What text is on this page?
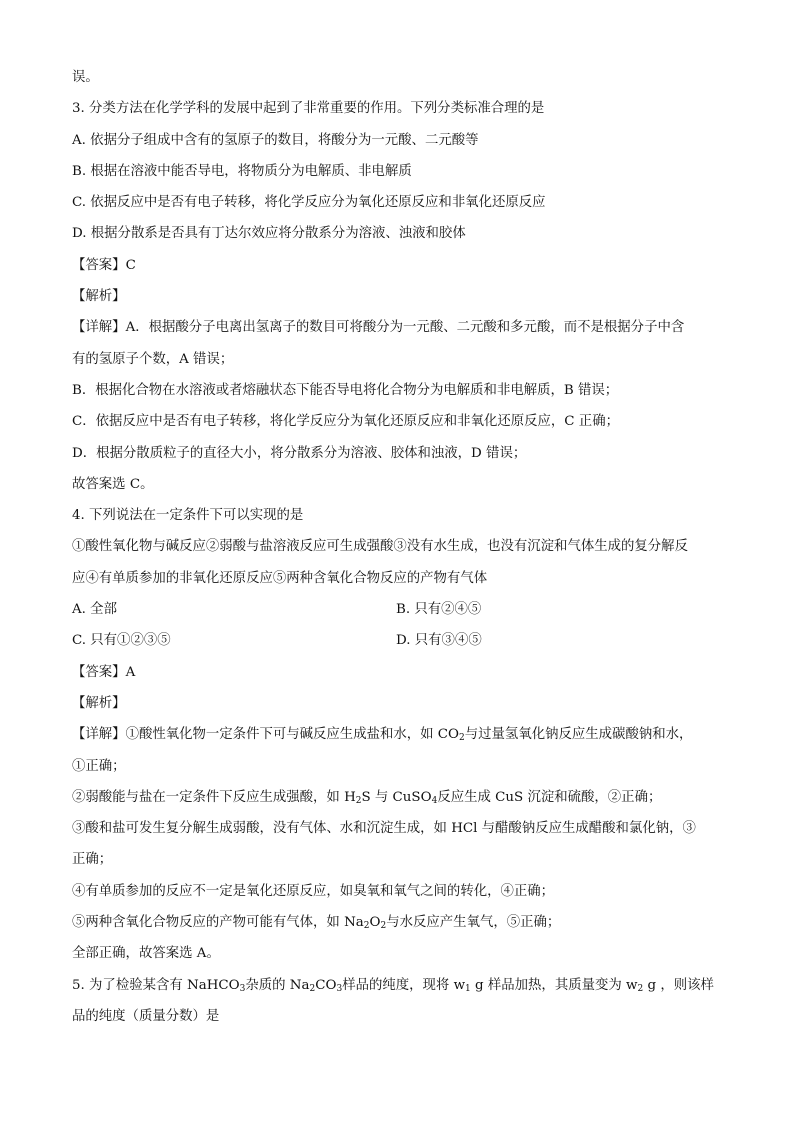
误。
3. 分类方法在化学学科的发展中起到了非常重要的作用。下列分类标准合理的是
A. 依据分子组成中含有的氢原子的数目，将酸分为一元酸、二元酸等
B. 根据在溶液中能否导电，将物质分为电解质、非电解质
C. 依据反应中是否有电子转移，将化学反应分为氧化还原反应和非氧化还原反应
D. 根据分散系是否具有丁达尔效应将分散系分为溶液、浊液和胶体
【答案】C
【解析】
【详解】A．根据酸分子电离出氢离子的数目可将酸分为一元酸、二元酸和多元酸，而不是根据分子中含
有的氢原子个数，A 错误；
B．根据化合物在水溶液或者熔融状态下能否导电将化合物分为电解质和非电解质，B 错误；
C．依据反应中是否有电子转移，将化学反应分为氧化还原反应和非氧化还原反应，C 正确；
D．根据分散质粒子的直径大小，将分散系分为溶液、胶体和浊液，D 错误；
故答案选 C。
4. 下列说法在一定条件下可以实现的是
①酸性氧化物与碱反应②弱酸与盐溶液反应可生成强酸③没有水生成，也没有沉淀和气体生成的复分解反
应④有单质参加的非氧化还原反应⑤两种含氧化合物反应的产物有气体
A. 全部	B. 只有②④⑤
C. 只有①②③⑤	D. 只有③④⑤
【答案】A
【解析】
【详解】①酸性氧化物一定条件下可与碱反应生成盐和水，如 $CO_2$与过量氢氧化钠反应生成碳酸钠和水，
①正确；
②弱酸能与盐在一定条件下反应生成强酸，如 $H_2S$ 与 CuSO$_4$反应生成 CuS 沉淀和硫酸，②正确；
③酸和盐可发生复分解生成弱酸，没有气体、水和沉淀生成，如 HCl 与醋酸钠反应生成醋酸和氯化钠，③
正确；
④有单质参加的反应不一定是氧化还原反应，如臭氧和氧气之间的转化，④正确；
⑤两种含氧化合物反应的产物可能有气体，如 $Na_2O_2$与水反应产生氧气，⑤正确；
全部正确，故答案选 A。
5. 为了检验某含有 NaHCO$_3$杂质的 $Na_2CO_3$样品的纯度，现将 $w_1$ g 样品加热，其质量变为 $w_2$ g ，则该样
品的纯度（质量分数）是
